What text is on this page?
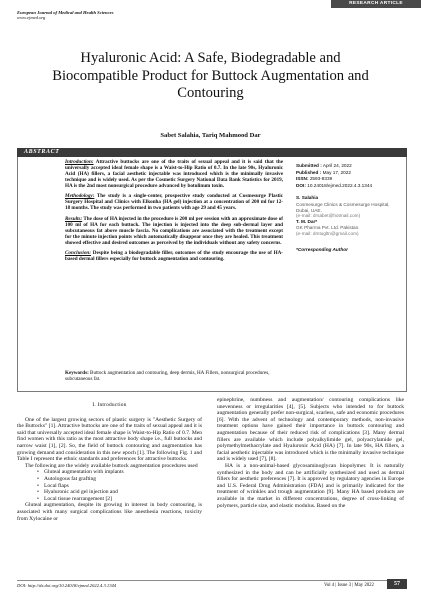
European Journal of Medical and Health Sciences
www.ejmed.org
RESEARCH ARTICLE
Hyaluronic Acid: A Safe, Biodegradable and Biocompatible Product for Buttock Augmentation and Contouring
Sabet Salahia, Tariq Mahmood Dar
ABSTRACT

Introduction: Attractive buttocks are one of the traits of sexual appeal and it is said that the universally accepted ideal female shape is a Waist-to-Hip Ratio of 0.7. In the late 90s, Hyaluronic Acid (HA) fillers, a facial aesthetic injectable was introduced which is the minimally invasive technique and is widely used. As per the Cosmetic Surgery National Data Bank Statistics for 2019, HA is the 2nd most nonsurgical procedure advanced by botulinum toxin.

Methodology: The study is a single-center, prospective study conducted at Cosmesurge Plastic Surgery Hospital and Clinics with Elkonha (HA gel) injection at a concentration of 200 ml for 12-18 months. The study was performed in two patients with age 29 and 45 years.

Results: The dose of HA injected in the procedure is 200 ml per session with an approximate dose of 100 ml of HA for each buttock. The injection is injected into the deep sub-dermal layer and subcutaneous fat above muscle fascia. No complications are associated with the treatment except for the minute injection points which automatically disappear once they are healed. This treatment showed effective and desired outcomes as perceived by the individuals without any safety concerns.

Conclusion: Despite being a biodegradable filler, outcomes of the study encourage the use of HA-based dermal fillers especially for buttock augmentation and contouring.

Keywords: Buttock augmentation and contouring, deep dermis, HA Fillers, nonsurgical procedures, subcutaneous fat.
Submitted : April 24, 2022
Published : May 17, 2022
ISSN: 2593-8339
DOI: 10.24018/ejmed.2022.4.3.1344
S. Salahia
Cosmesurge Clinics & Cosmesurge Hospital, Dubai, UAE.
(e-mail: drsabet@hotmail.com)
T. M. Dar*
GK Pharma Pvt. Ltd. Pakistan.
(e-mail: dmtugltn@gmail.com)
*Corresponding Author
I. Introduction

One of the largest growing sectors of plastic surgery is "Aesthetic Surgery of the Buttocks" [1]. Attractive buttocks are one of the traits of sexual appeal and it is said that universally accepted ideal female shape is Waist-to-Hip Ratio of 0.7. Men find women with this ratio as the most attractive body shape i.e., full buttocks and narrow waist [1], [2]. So, the field of buttock contouring and augmentation has growing demand and consideration in this new epoch [1]. The following Fig. 1 and Table I represent the ethnic standards and preferences for attractive buttocks.

The following are the widely available buttock augmentation procedures used

• Gluteal augmentation with implants
• Autologous fat grafting
• Local flaps
• Hyaluronic acid gel injection and
• Local tissue rearrangement [2]

Gluteal augmentation, despite its growing in interest in body contouring, is associated with many surgical complications like anesthesia reactions, toxicity from Xylocaine or

epinephrine, numbness and augmentation/ contouring complications like unevenness or irregularities [4], [5]. Subjects who intended to for buttock augmentation generally prefer non-surgical, scarless, safe and economic procedures [6]. With the advent of technology and contemporary methods, non-invasive treatment options have gained their importance in buttock contouring and augmentation because of their reduced risk of complications [3]. Many dermal fillers are available which include polyalkylimide gel, polyacrylamide gel, polymethylmethacrylate and Hyaluronic Acid (HA) [7]. In late 90s, HA fillers, a facial aesthetic injectable was introduced which is the minimally invasive technique and is widely used [7], [8].

HA is a non-animal-based glycosaminoglycan biopolymer. It is naturally synthesized in the body and can be artificially synthesized and used as dermal fillers for aesthetic preferences [7]. It is approved by regulatory agencies in Europe and U.S. Federal Drug Administration (FDA) and is primarily indicated for the treatment of wrinkles and trough augmentation [9]. Many HA based products are available in the market in different concentrations, degree of cross-linking of polymers, particle size, and elastic modulus. Based on the

DOI: http://dx.doi.org/10.24018/ejmed.2022.4.3.1344	Vol 4 | Issue 3 | May 2022	57
